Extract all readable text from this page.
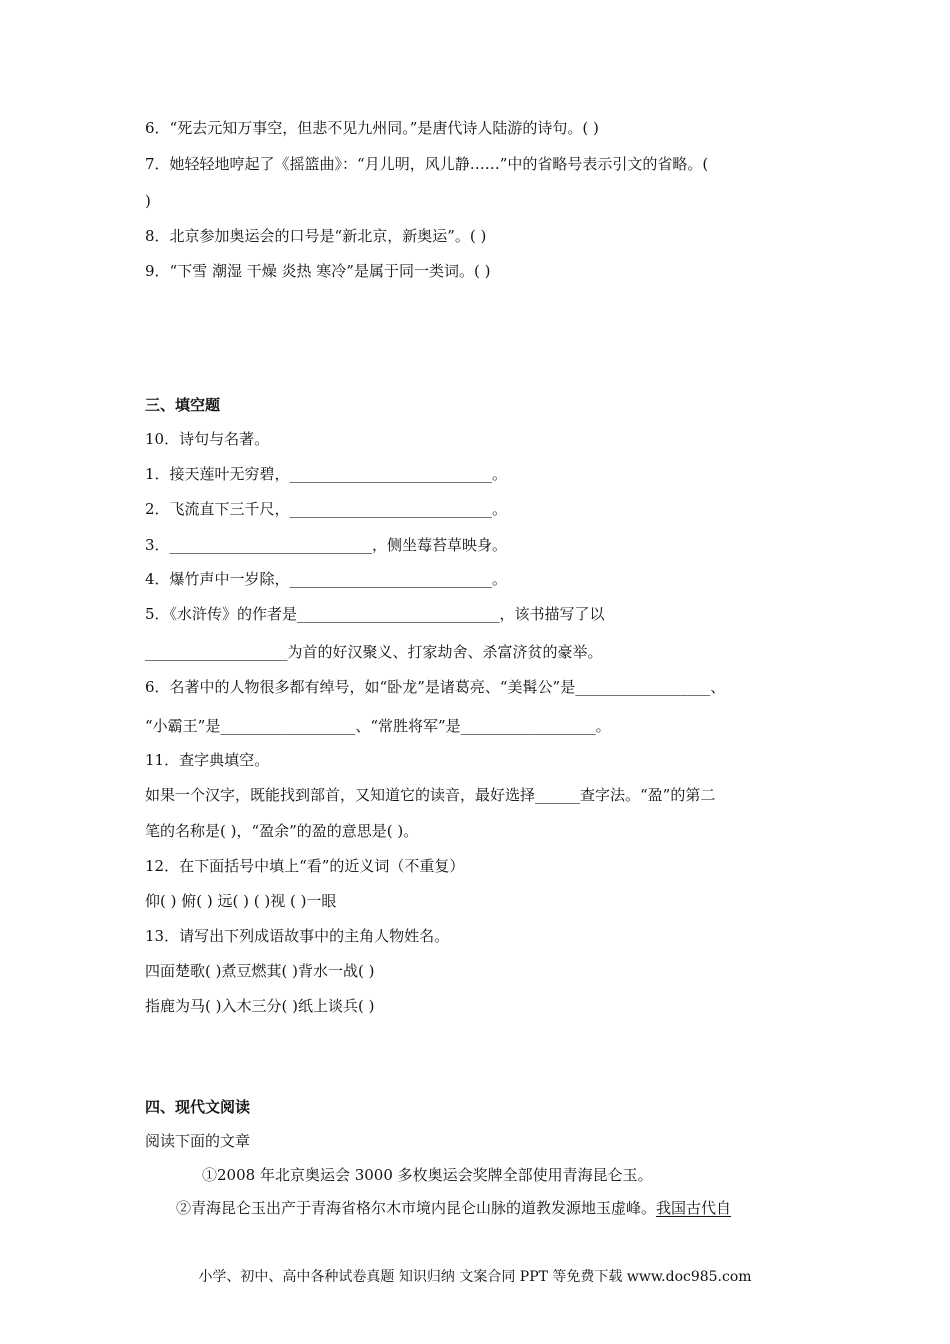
6．“死去元知万事空，但悲不见九州同。”是唐代诗人陆游的诗句。( )
7．她轻轻地哼起了《摇篮曲》：“月儿明，风儿静……”中的省略号表示引文的省略。(
)
8．北京参加奥运会的口号是“新北京，新奥运”。( )
9．“下雪 潮湿 干燥 炎热 寒冷”是属于同一类词。( )
三、填空题
10．诗句与名著。
1．接天莲叶无穷碧，___________________________。
2．飞流直下三千尺，___________________________。
3．___________________________，侧坐莓苔草映身。
4．爆竹声中一岁除，___________________________。
5．《水浒传》的作者是___________________________，该书描写了以
___________________为首的好汉聚义、打家劫舍、杀富济贫的豪举。
6．名著中的人物很多都有绰号，如“卧龙”是诸葛亮、“美髯公”是__________________、
“小霸王”是__________________、“常胜将军”是__________________。
11．查字典填空。
如果一个汉字，既能找到部首，又知道它的读音，最好选择______查字法。“盈”的第二
笔的名称是( )，“盈余”的盈的意思是( )。
12．在下面括号中填上“看”的近义词（不重复）
仰( ) 俯( ) 远( ) ( )视 ( )一眼
13．请写出下列成语故事中的主角人物姓名。
四面楚歌( )煮豆燃萁( )背水一战( )
指鹿为马( )入木三分( )纸上谈兵( )
四、现代文阅读
阅读下面的文章
①2008 年北京奥运会 3000 多枚奥运会奖牌全部使用青海昆仑玉。
②青海昆仑玉出产于青海省格尔木市境内昆仑山脉的道教发源地玉虚峰。我国古代自
小学、初中、高中各种试卷真题 知识归纳 文案合同 PPT 等免费下载 www.doc985.com
